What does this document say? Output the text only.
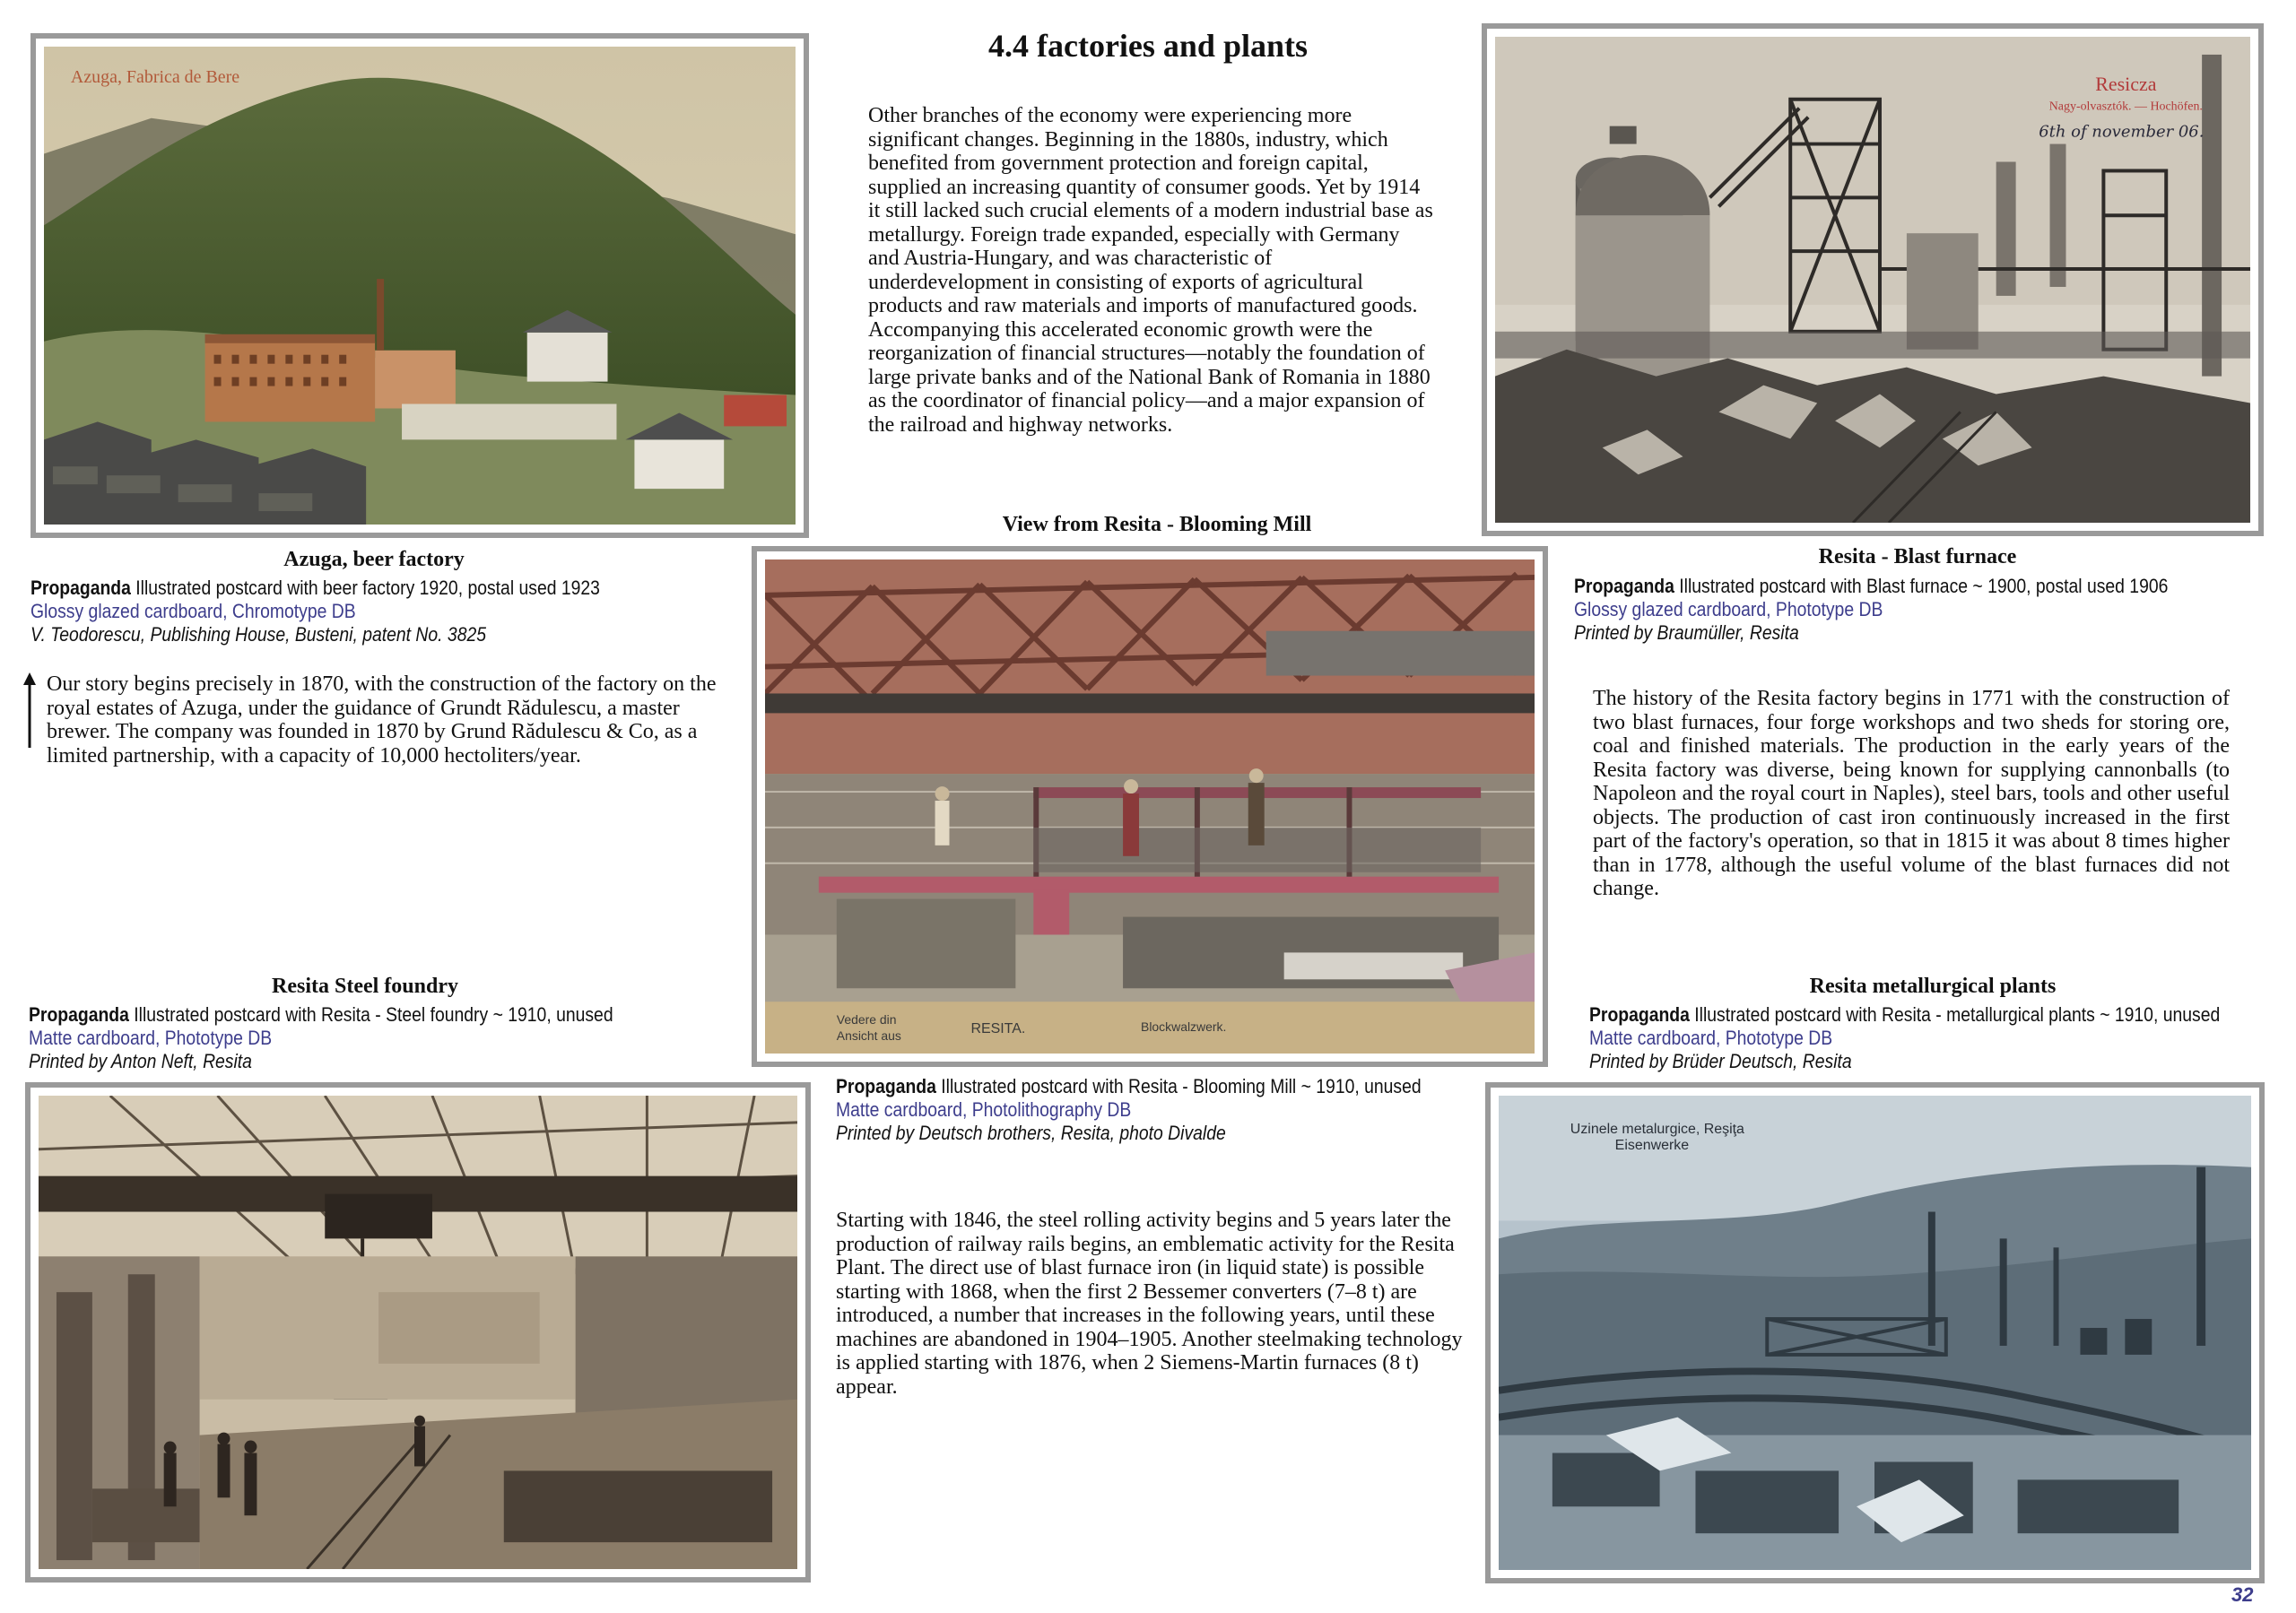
4.4 factories and plants
Other branches of the economy were experiencing more significant changes. Beginning in the 1880s, industry, which benefited from government protection and foreign capital, supplied an increasing quantity of consumer goods. Yet by 1914 it still lacked such crucial elements of a modern industrial base as metallurgy. Foreign trade expanded, especially with Germany and Austria-Hungary, and was characteristic of underdevelopment in consisting of exports of agricultural products and raw materials and imports of manufactured goods. Accompanying this accelerated economic growth were the reorganization of financial structures—notably the foundation of large private banks and of the National Bank of Romania in 1880 as the coordinator of financial policy—and a major expansion of the railroad and highway networks.
Azuga, Fabrica de Bere
Azuga, beer factory
Propaganda Illustrated postcard with beer factory 1920, postal used 1923
Glossy glazed cardboard, Chromotype DB
V. Teodorescu, Publishing House, Busteni, patent No. 3825
Our story begins precisely in 1870, with the construction of the factory on the royal estates of Azuga, under the guidance of Grundt Rădulescu, a master brewer. The company was founded in 1870 by Grund Rădulescu & Co, as a limited partnership, with a capacity of 10,000 hectoliters/year.
Resicza
Nagy-olvasztók. — Hochöfen.
6th of november 06.
Resita - Blast furnace
Propaganda Illustrated postcard with Blast furnace ~ 1900, postal used 1906
Glossy glazed cardboard, Phototype DB
Printed by Braumüller, Resita
The history of the Resita factory begins in 1771 with the construction of two blast furnaces, four forge workshops and two sheds for storing ore, coal and finished materials. The production in the early years of the Resita factory was diverse, being known for supplying cannonballs (to Napoleon and the royal court in Naples), steel bars, tools and other useful objects. The production of cast iron continuously increased in the first part of the factory's operation, so that in 1815 it was about 8 times higher than in 1778, although the useful volume of the blast furnaces did not change.
View from Resita - Blooming Mill
Vedere din
Ansicht aus	RESITA.	Blockwalzwerk.
Propaganda Illustrated postcard with Resita - Blooming Mill ~ 1910, unused
Matte cardboard, Photolithography DB
Printed by Deutsch brothers, Resita, photo Divalde
Starting with 1846, the steel rolling activity begins and 5 years later the production of railway rails begins, an emblematic activity for the Resita Plant. The direct use of blast furnace iron (in liquid state) is possible starting with 1868, when the first 2 Bessemer converters (7–8 t) are introduced, a number that increases in the following years, until these machines are abandoned in 1904–1905. Another steelmaking technology is applied starting with 1876, when 2 Siemens-Martin furnaces (8 t) appear.
Resita Steel foundry
Propaganda Illustrated postcard with Resita - Steel foundry ~ 1910, unused
Matte cardboard, Phototype DB
Printed by Anton Neft, Resita
Resita metallurgical plants
Propaganda Illustrated postcard with Resita - metallurgical plants ~ 1910, unused
Matte cardboard, Phototype DB
Printed by Brüder Deutsch, Resita
Uzinele metalurgice, Reşiţa
Eisenwerke
32
